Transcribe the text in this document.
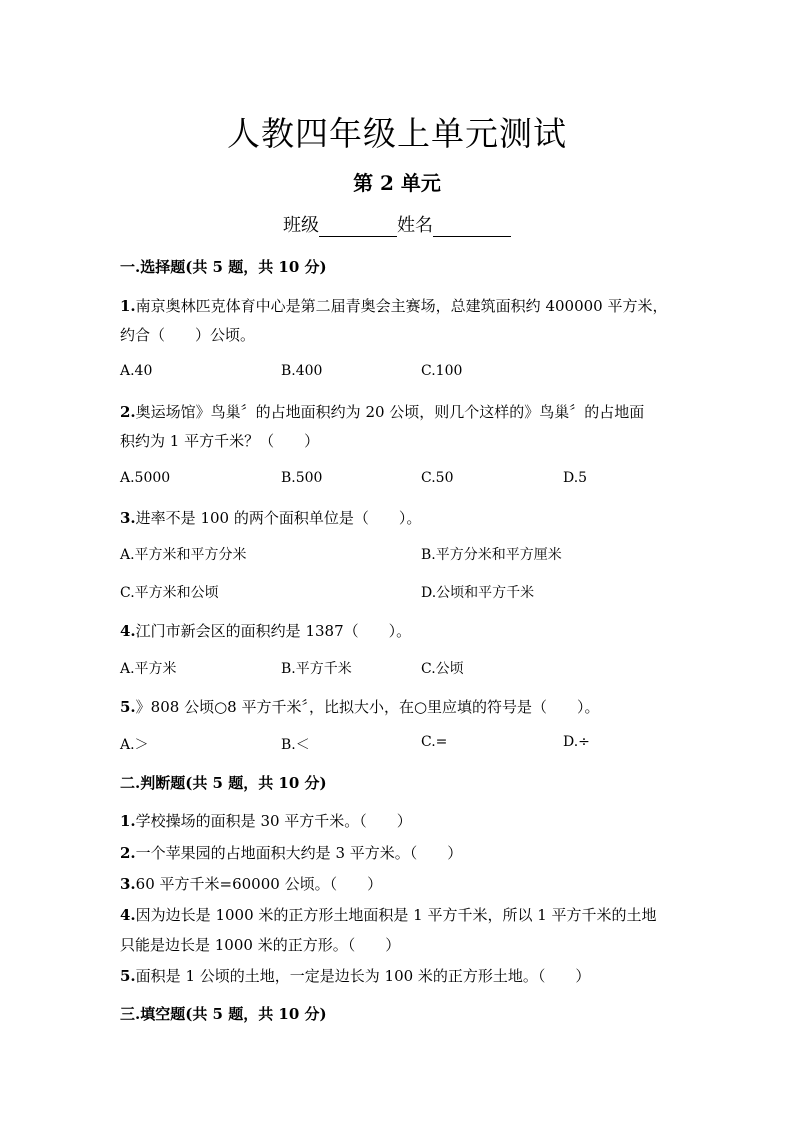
人教四年级上单元测试
第 2 单元
班级	姓名
一.选择题(共 5 题，共 10 分)
1.南京奥林匹克体育中心是第二届青奥会主赛场，总建筑面积约 400000 平方米，
约合（　　）公顷。
A.40	B.400	C.100
2.奥运场馆》鸟巢〞的占地面积约为 20 公顷，则几个这样的》鸟巢〞的占地面
积约为 1 平方千米？（　　）
A.5000	B.500	C.50	D.5
3.进率不是 100 的两个面积单位是（　　）。
A.平方米和平方分米	B.平方分米和平方厘米
C.平方米和公顷	D.公顷和平方千米
4.江门市新会区的面积约是 1387（　　）。
A.平方米	B.平方千米	C.公顷
5.》808 公顷○8 平方千米〞，比拟大小，在○里应填的符号是（　　）。
A.＞	B.＜	C.=	D.÷
二.判断题(共 5 题，共 10 分)
1.学校操场的面积是 30 平方千米。（　　）
2.一个苹果园的占地面积大约是 3 平方米。（　　）
3.60 平方千米=60000 公顷。（　　）
4.因为边长是 1000 米的正方形土地面积是 1 平方千米，所以 1 平方千米的土地
只能是边长是 1000 米的正方形。（　　）
5.面积是 1 公顷的土地，一定是边长为 100 米的正方形土地。（　　）
三.填空题(共 5 题，共 10 分)
